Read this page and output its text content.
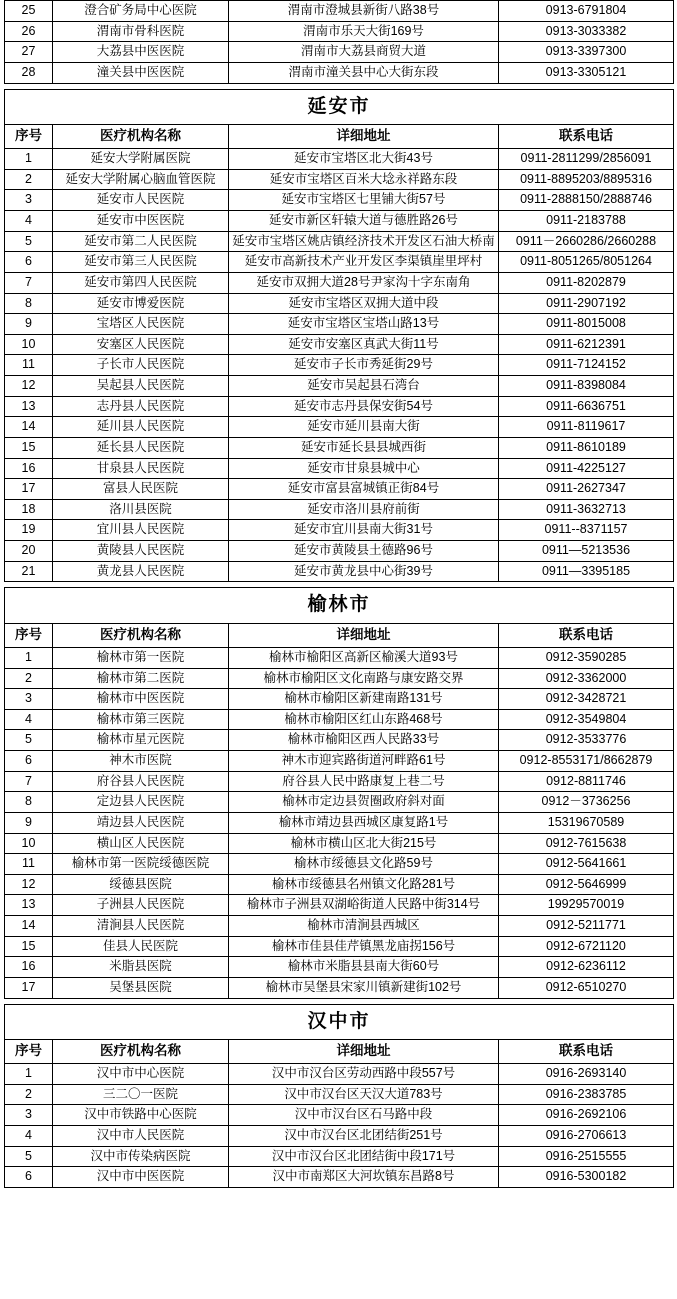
25	澄合矿务局中心医院	渭南市澄城县新街八路38号	0913-6791804
26	渭南市骨科医院	渭南市乐天大街169号	0913-3033382
27	大荔县中医医院	渭南市大荔县商贸大道	0913-3397300
28	潼关县中医医院	渭南市潼关县中心大街东段	0913-3305121
延安市			
序号	医疗机构名称	详细地址	联系电话
1	延安大学附属医院	延安市宝塔区北大街43号	0911-2811299/2856091
2	延安大学附属心脑血管医院	延安市宝塔区百米大埝永祥路东段	0911-8895203/8895316
3	延安市人民医院	延安市宝塔区七里铺大街57号	0911-2888150/2888746
4	延安市中医医院	延安市新区轩辕大道与德胜路26号	0911-2183788
5	延安市第二人民医院	延安市宝塔区姚店镇经济技术开发区石油大桥南	0911－2660286/2660288
6	延安市第三人民医院	延安市高新技术产业开发区李渠镇崖里坪村	0911-8051265/8051264
7	延安市第四人民医院	延安市双拥大道28号尹家沟十字东南角	0911-8202879
8	延安市博爱医院	延安市宝塔区双拥大道中段	0911-2907192
9	宝塔区人民医院	延安市宝塔区宝塔山路13号	0911-8015008
10	安塞区人民医院	延安市安塞区真武大街11号	0911-6212391
11	子长市人民医院	延安市子长市秀延街29号	0911-7124152
12	吴起县人民医院	延安市吴起县石湾台	0911-8398084
13	志丹县人民医院	延安市志丹县保安街54号	0911-6636751
14	延川县人民医院	延安市延川县南大街	0911-8119617
15	延长县人民医院	延安市延长县县城西街	0911-8610189
16	甘泉县人民医院	延安市甘泉县城中心	0911-4225127
17	富县人民医院	延安市富县富城镇正街84号	0911-2627347
18	洛川县医院	延安市洛川县府前街	0911-3632713
19	宜川县人民医院	延安市宜川县南大街31号	0911--8371157
20	黄陵县人民医院	延安市黄陵县土德路96号	0911—5213536
21	黄龙县人民医院	延安市黄龙县中心街39号	0911—3395185
榆林市			
序号	医疗机构名称	详细地址	联系电话
1	榆林市第一医院	榆林市榆阳区高新区榆溪大道93号	0912-3590285
2	榆林市第二医院	榆林市榆阳区文化南路与康安路交界	0912-3362000
3	榆林市中医医院	榆林市榆阳区新建南路131号	0912-3428721
4	榆林市第三医院	榆林市榆阳区红山东路468号	0912-3549804
5	榆林市星元医院	榆林市榆阳区西人民路33号	0912-3533776
6	神木市医院	神木市迎宾路街道河畔路61号	0912-8553171/8662879
7	府谷县人民医院	府谷县人民中路康复上巷二号	0912-8811746
8	定边县人民医院	榆林市定边县贺圈政府斜对面	0912－3736256
9	靖边县人民医院	榆林市靖边县西城区康复路1号	15319670589
10	横山区人民医院	榆林市横山区北大街215号	0912-7615638
11	榆林市第一医院绥德医院	榆林市绥德县文化路59号	0912-5641661
12	绥德县医院	榆林市绥德县名州镇文化路281号	0912-5646999
13	子洲县人民医院	榆林市子洲县双湖峪街道人民路中街314号	19929570019
14	清涧县人民医院	榆林市清涧县西城区	0912-5211771
15	佳县人民医院	榆林市佳县佳芹镇黑龙庙拐156号	0912-6721120
16	米脂县医院	榆林市米脂县县南大街60号	0912-6236112
17	吴堡县医院	榆林市吴堡县宋家川镇新建街102号	0912-6510270
汉中市			
序号	医疗机构名称	详细地址	联系电话
1	汉中市中心医院	汉中市汉台区劳动西路中段557号	0916-2693140
2	三二〇一医院	汉中市汉台区天汉大道783号	0916-2383785
3	汉中市铁路中心医院	汉中市汉台区石马路中段	0916-2692106
4	汉中市人民医院	汉中市汉台区北团结街251号	0916-2706613
5	汉中市传染病医院	汉中市汉台区北团结街中段171号	0916-2515555
6	汉中市中医医院	汉中市南郑区大河坎镇东昌路8号	0916-5300182
